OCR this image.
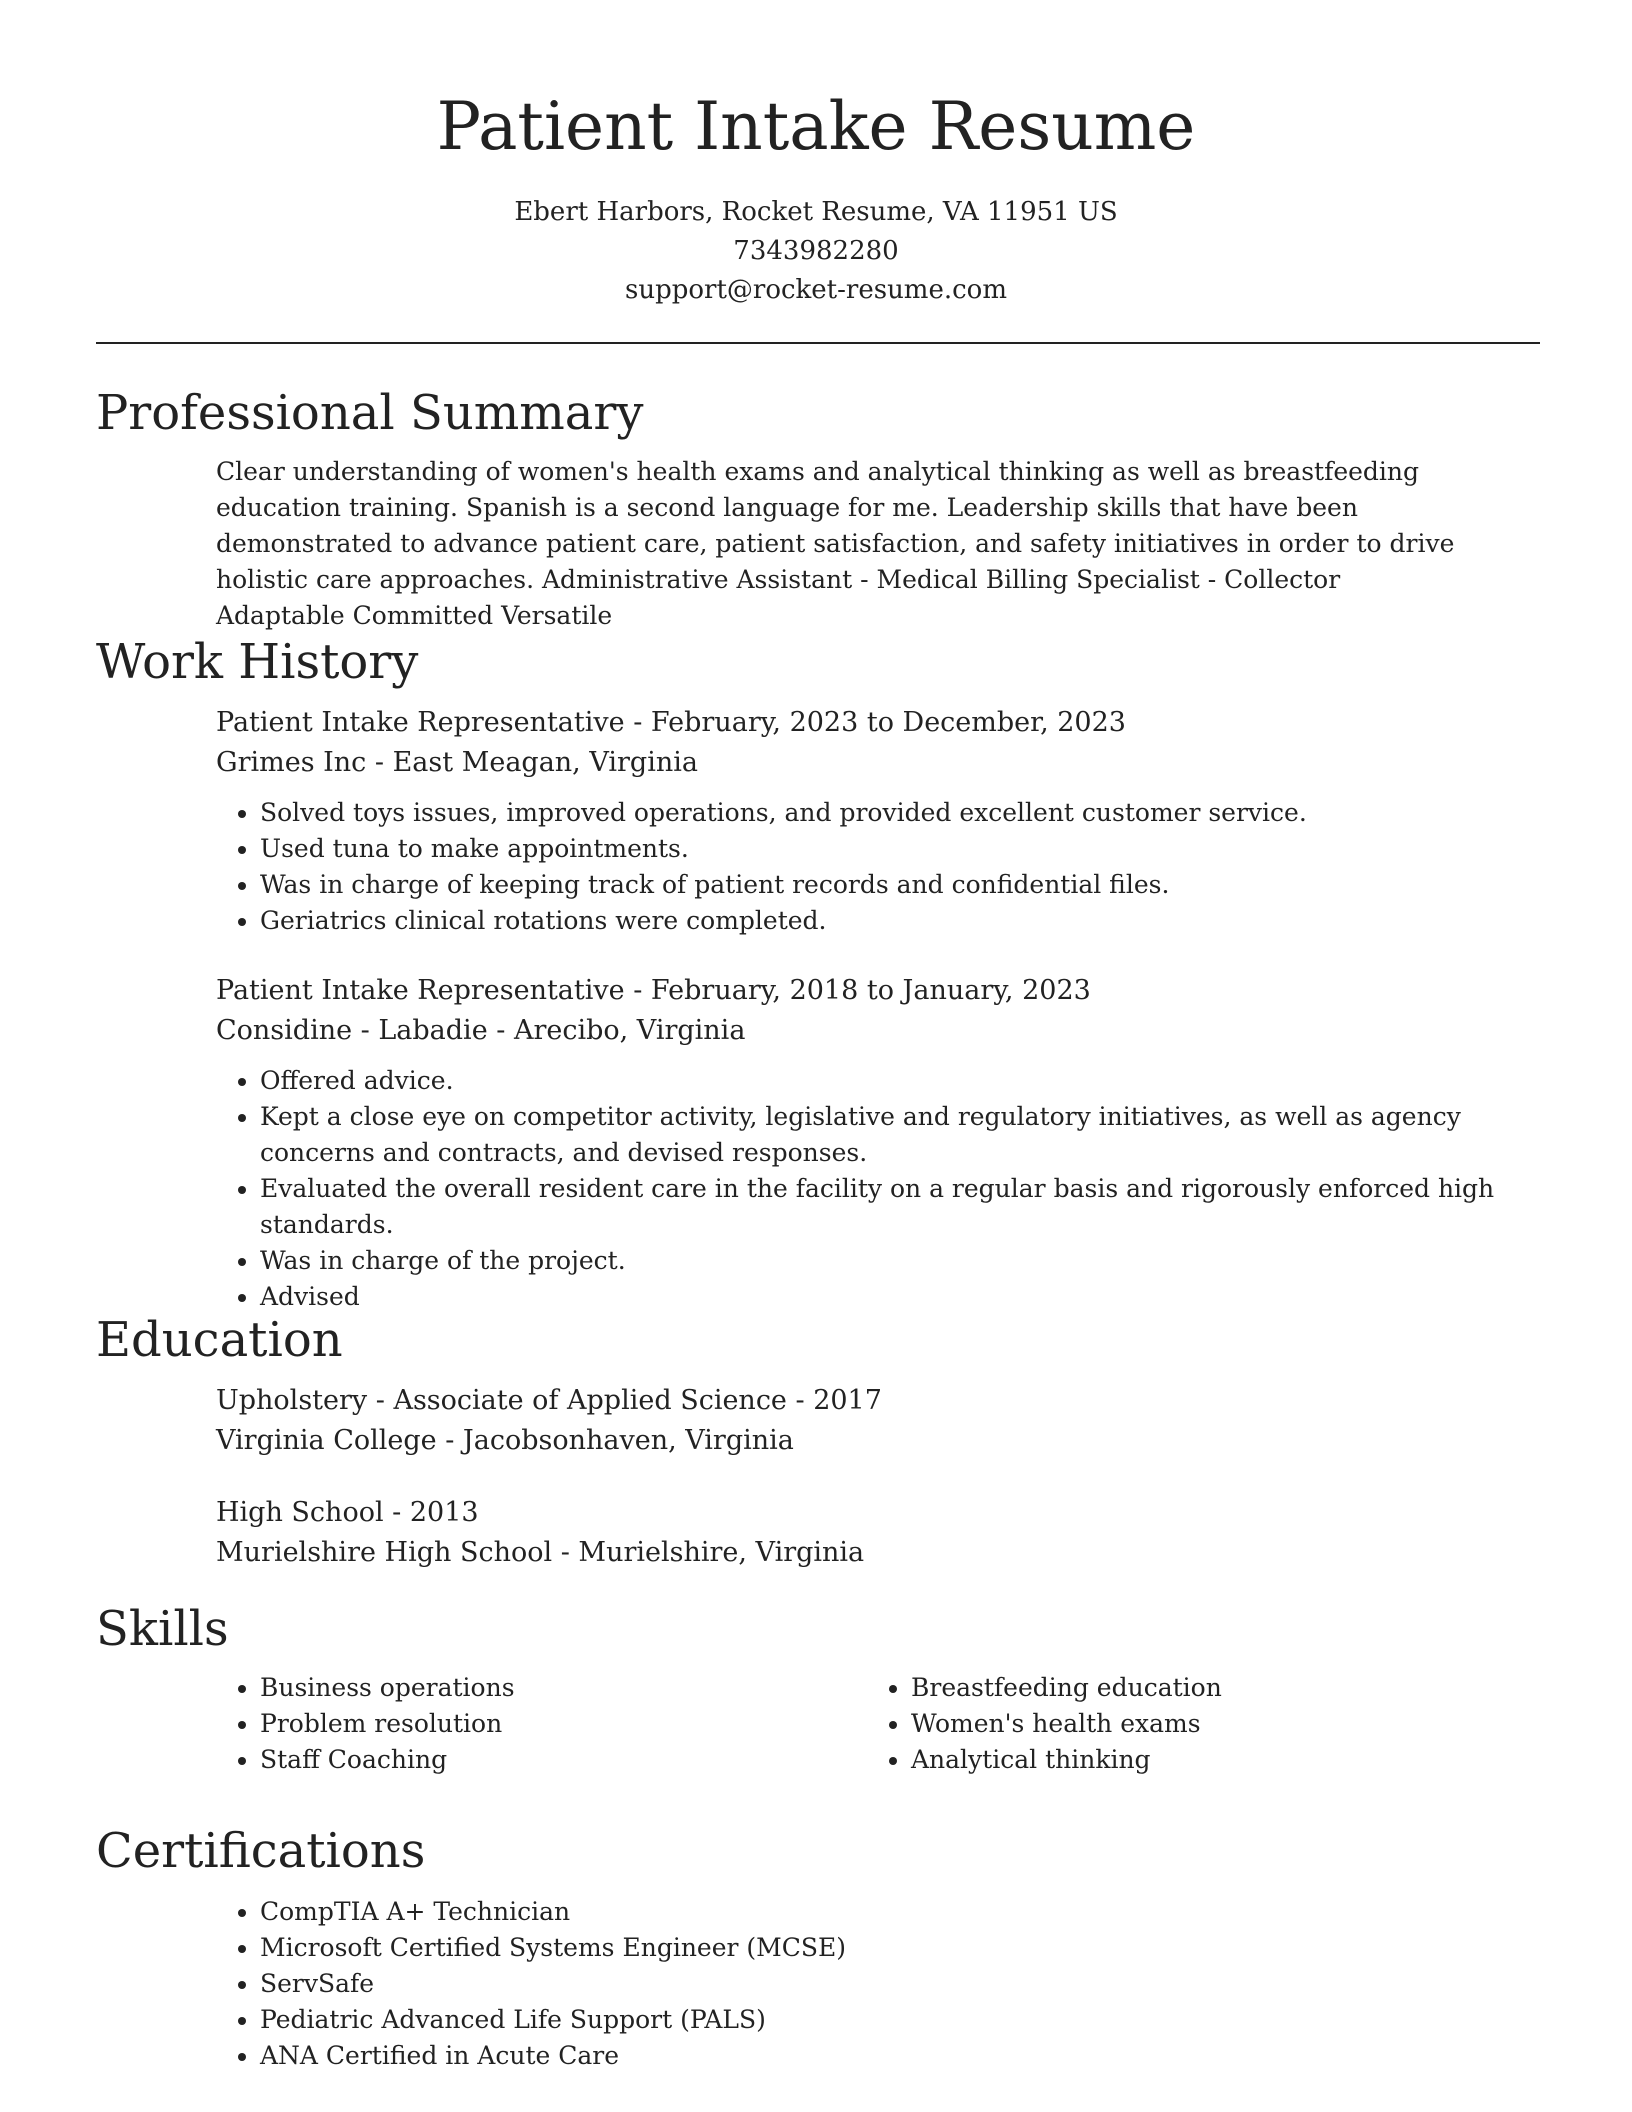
Patient Intake Resume
Ebert Harbors, Rocket Resume, VA 11951 US
7343982280
support@rocket-resume.com
Professional Summary

Clear understanding of women's health exams and analytical thinking as well as breastfeeding education training. Spanish is a second language for me. Leadership skills that have been demonstrated to advance patient care, patient satisfaction, and safety initiatives in order to drive holistic care approaches. Administrative Assistant - Medical Billing Specialist - Collector Adaptable Committed Versatile

Work History
Patient Intake Representative - February, 2023 to December, 2023
Grimes Inc - East Meagan, Virginia
• Solved toys issues, improved operations, and provided excellent customer service.
• Used tuna to make appointments.
• Was in charge of keeping track of patient records and confidential files.
• Geriatrics clinical rotations were completed.
Patient Intake Representative - February, 2018 to January, 2023
Considine - Labadie - Arecibo, Virginia
• Offered advice.
• Kept a close eye on competitor activity, legislative and regulatory initiatives, as well as agency concerns and contracts, and devised responses.
• Evaluated the overall resident care in the facility on a regular basis and rigorously enforced high standards.
• Was in charge of the project.
• Advised
Education
Upholstery - Associate of Applied Science - 2017
Virginia College - Jacobsonhaven, Virginia
High School - 2013
Murielshire High School - Murielshire, Virginia
Skills
• Business operations
• Problem resolution
• Staff Coaching
• Breastfeeding education
• Women's health exams
• Analytical thinking
Certifications
• CompTIA A+ Technician
• Microsoft Certified Systems Engineer (MCSE)
• ServSafe
• Pediatric Advanced Life Support (PALS)
• ANA Certified in Acute Care
